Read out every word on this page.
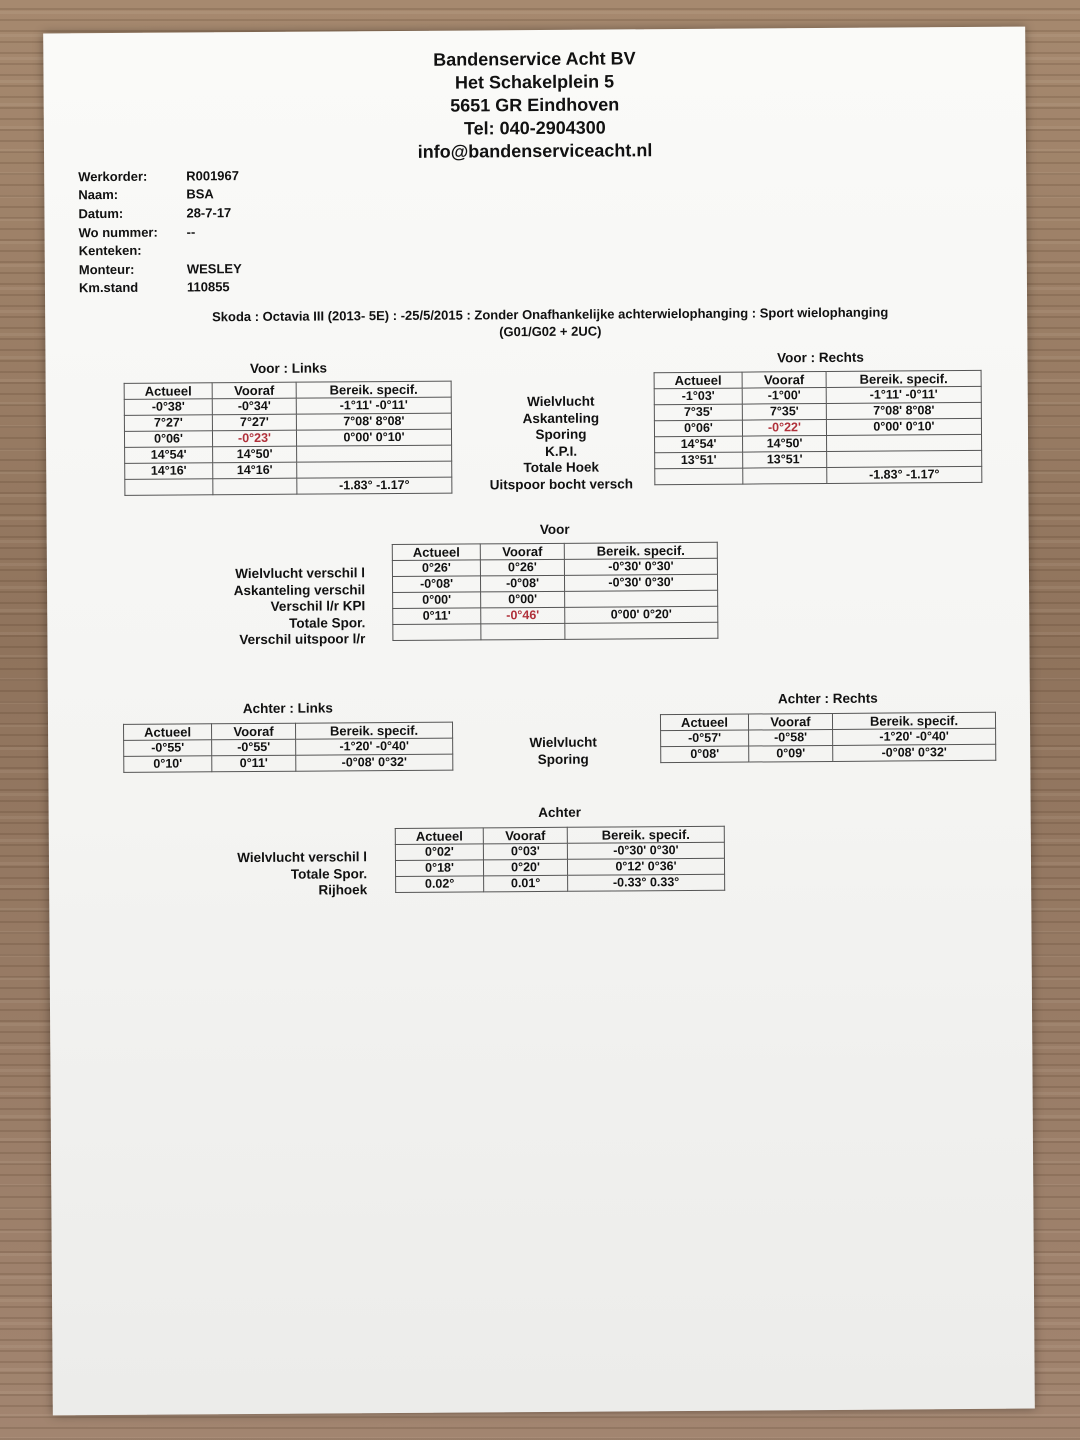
Bandenservice Acht BV
Het Schakelplein 5
5651 GR Eindhoven
Tel: 040-2904300
info@bandenserviceacht.nl
Werkorder:	R001967
Naam:	BSA
Datum:	28-7-17
Wo nummer:	--
Kenteken:
Monteur:	WESLEY
Km.stand	110855
Skoda : Octavia III (2013- 5E) : -25/5/2015 : Zonder Onafhankelijke achterwielophanging : Sport wielophanging
(G01/G02 + 2UC)
Voor : Links
Voor : Rechts
Actueel	Vooraf	Bereik. specif.
-0°38'	-0°34'	-1°11' -0°11'
7°27'	7°27'	7°08' 8°08'
0°06'	-0°23'	0°00' 0°10'
14°54'	14°50'	
14°16'	14°16'	
		-1.83° -1.17°
Wielvlucht
Askanteling
Sporing
K.P.I.
Totale Hoek
Uitspoor bocht versch
Actueel	Vooraf	Bereik. specif.
-1°03'	-1°00'	-1°11' -0°11'
7°35'	7°35'	7°08' 8°08'
0°06'	-0°22'	0°00' 0°10'
14°54'	14°50'	
13°51'	13°51'	
		-1.83° -1.17°
Voor
Wielvlucht verschil l
Askanteling verschil
Verschil l/r KPI
Totale Spor.
Verschil uitspoor l/r
Actueel	Vooraf	Bereik. specif.
0°26'	0°26'	-0°30' 0°30'
-0°08'	-0°08'	-0°30' 0°30'
0°00'	0°00'	
0°11'	-0°46'	0°00' 0°20'

Achter : Links
Achter : Rechts
Actueel	Vooraf	Bereik. specif.
-0°55'	-0°55'	-1°20' -0°40'
0°10'	0°11'	-0°08' 0°32'
Wielvlucht
Sporing
Actueel	Vooraf	Bereik. specif.
-0°57'	-0°58'	-1°20' -0°40'
0°08'	0°09'	-0°08' 0°32'
Achter
Wielvlucht verschil l
Totale Spor.
Rijhoek
Actueel	Vooraf	Bereik. specif.
0°02'	0°03'	-0°30' 0°30'
0°18'	0°20'	0°12' 0°36'
0.02°	0.01°	-0.33° 0.33°
